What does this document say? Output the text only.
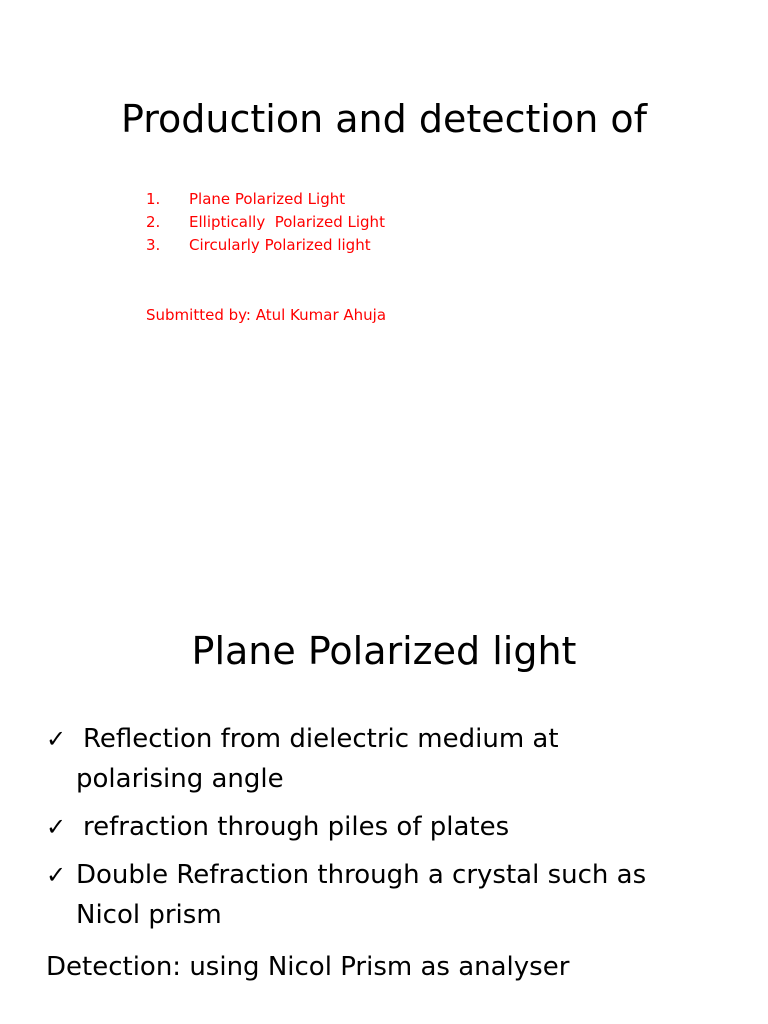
Production and detection of
1. Plane Polarized Light
2. Elliptically  Polarized Light
3. Circularly Polarized light
Submitted by: Atul Kumar Ahuja
Plane Polarized light
✓ Reflection from dielectric medium at
polarising angle
✓ refraction through piles of plates
✓ Double Refraction through a crystal such as
Nicol prism
Detection: using Nicol Prism as analyser
